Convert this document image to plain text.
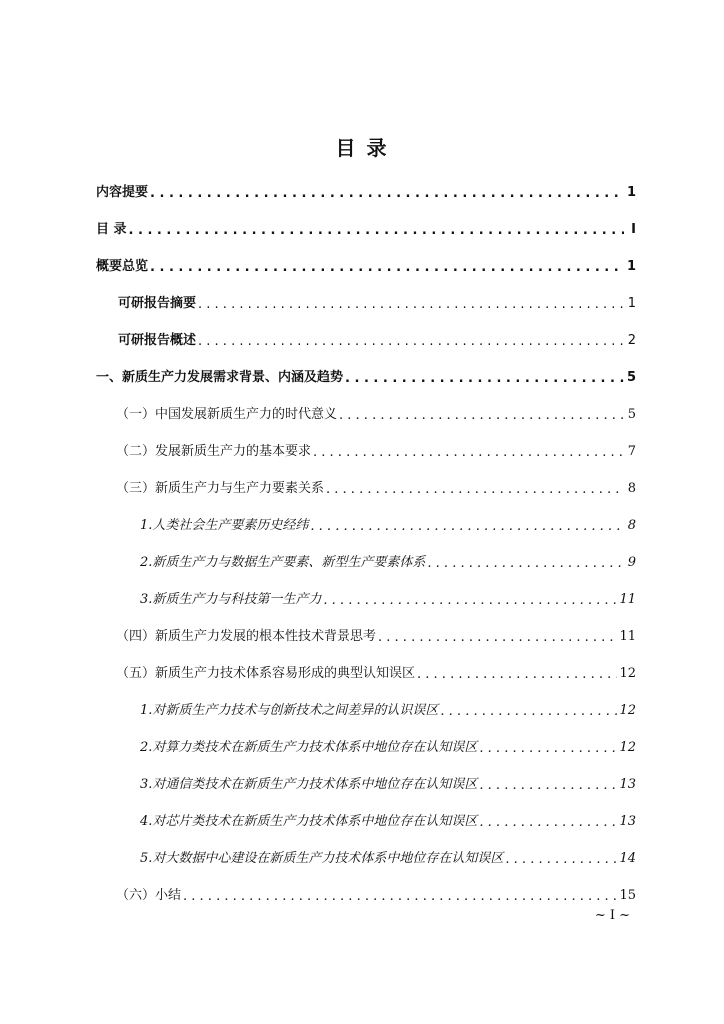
目 录
内容提要 . . .	1
目 录 . . .	I
概要总览 . . .	1
可研报告摘要 . . .	1
可研报告概述 . . .	2
一、新质生产力发展需求背景、内涵及趋势 . . .	5
（一）中国发展新质生产力的时代意义 . . .	5
（二）发展新质生产力的基本要求 . . .	7
（三）新质生产力与生产力要素关系 . . .	8
1.人类社会生产要素历史经纬 . . .	8
2.新质生产力与数据生产要素、新型生产要素体系 . . .	9
3.新质生产力与科技第一生产力 . . .	11
（四）新质生产力发展的根本性技术背景思考 . . .	11
（五）新质生产力技术体系容易形成的典型认知误区 . . .	12
1.对新质生产力技术与创新技术之间差异的认识误区 . . .	12
2.对算力类技术在新质生产力技术体系中地位存在认知误区 . . .	12
3.对通信类技术在新质生产力技术体系中地位存在认知误区 . . .	13
4.对芯片类技术在新质生产力技术体系中地位存在认知误区 . . .	13
5.对大数据中心建设在新质生产力技术体系中地位存在认知误区 . . .	14
（六）小结 . . .	15
~ I ~
